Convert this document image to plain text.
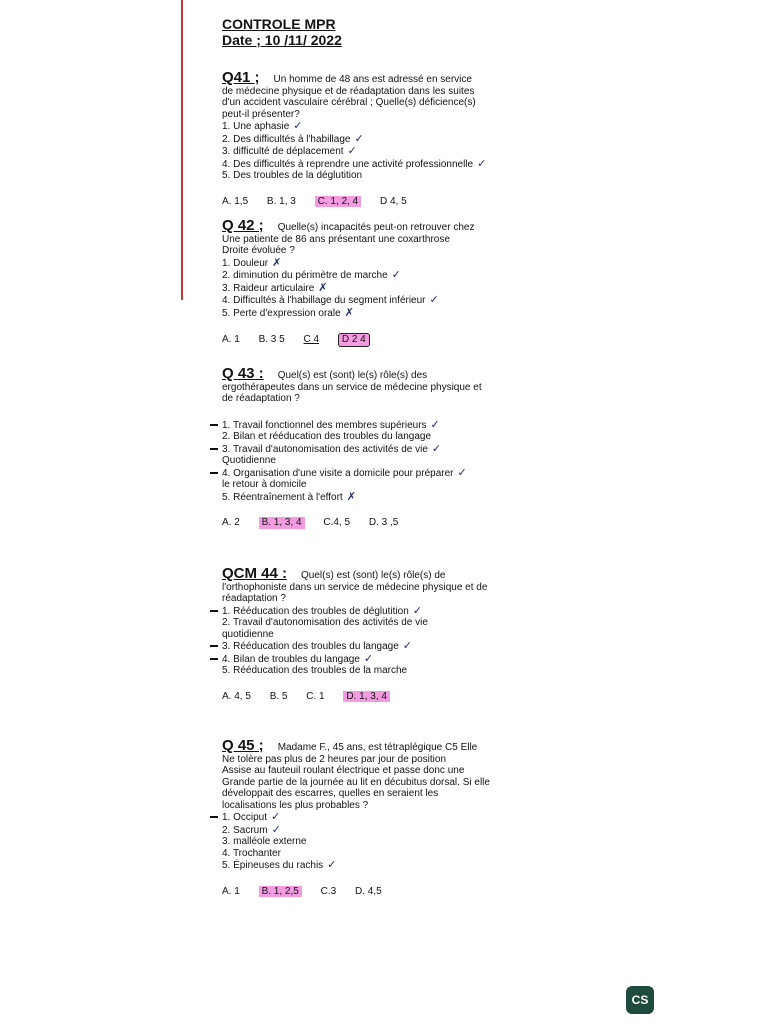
CONTROLE MPR
Date ; 10 /11/ 2022
Q41 ; Un homme de 48 ans est adressé en service
de médecine physique et de réadaptation dans les suites
d'un accident vasculaire cérébral ; Quelle(s) déficience(s)
peut-il présenter?
1. Une aphasie ✓
2. Des difficultés à l'habillage ✓
3. difficulté de déplacement ✓
4. Des difficultés à reprendre une activité professionnelle ✓
5. Des troubles de la déglutition
A. 1,5 B. 1, 3 C. 1, 2, 4 D 4, 5
Q 42 ; Quelle(s) incapacités peut-on retrouver chez
Une patiente de 86 ans présentant une coxarthrose
Droite évoluée ?
1. Douleur ✗
2. diminution du périmètre de marche ✓
3. Raideur articulaire ✗
4. Difficultés à l'habillage du segment inférieur ✓
5. Perte d'expression orale ✗
A. 1 B. 3 5 C 4 D 2 4
Q 43 : Quel(s) est (sont) le(s) rôle(s) des
ergothérapeutes dans un service de médecine physique et
de réadaptation ?
1. Travail fonctionnel des membres supérieurs ✓
2. Bilan et rééducation des troubles du langage
3. Travail d'autonomisation des activités de vie ✓
Quotidienne
4. Organisation d'une visite a domicile pour préparer ✓
le retour à domicile
5. Réentraînement à l'effort ✗
A. 2 B. 1, 3, 4 C.4, 5 D. 3 ,5
QCM 44 : Quel(s) est (sont) le(s) rôle(s) de
l'orthophoniste dans un service de médecine physique et de
réadaptation ?
1. Rééducation des troubles de déglutition ✓
2. Travail d'autonomisation des activités de vie
quotidienne
3. Rééducation des troubles du langage ✓
4. Bilan de troubles du langage ✓
5. Rééducation des troubles de la marche
A. 4, 5 B. 5 C. 1 D. 1, 3, 4
Q 45 ; Madame F., 45 ans, est tétraplégique C5 Elle
Ne tolère pas plus de 2 heures par jour de position
Assise au fauteuil roulant électrique et passe donc une
Grande partie de la journée au lit en décubitus dorsal. Si elle
développait des escarres, quelles en seraient les
localisations les plus probables ?
1. Occiput ✓
2. Sacrum ✓
3. malléole externe
4. Trochanter
5. Épineuses du rachis ✓
A. 1 B. 1, 2,5 C.3 D. 4,5
CS
